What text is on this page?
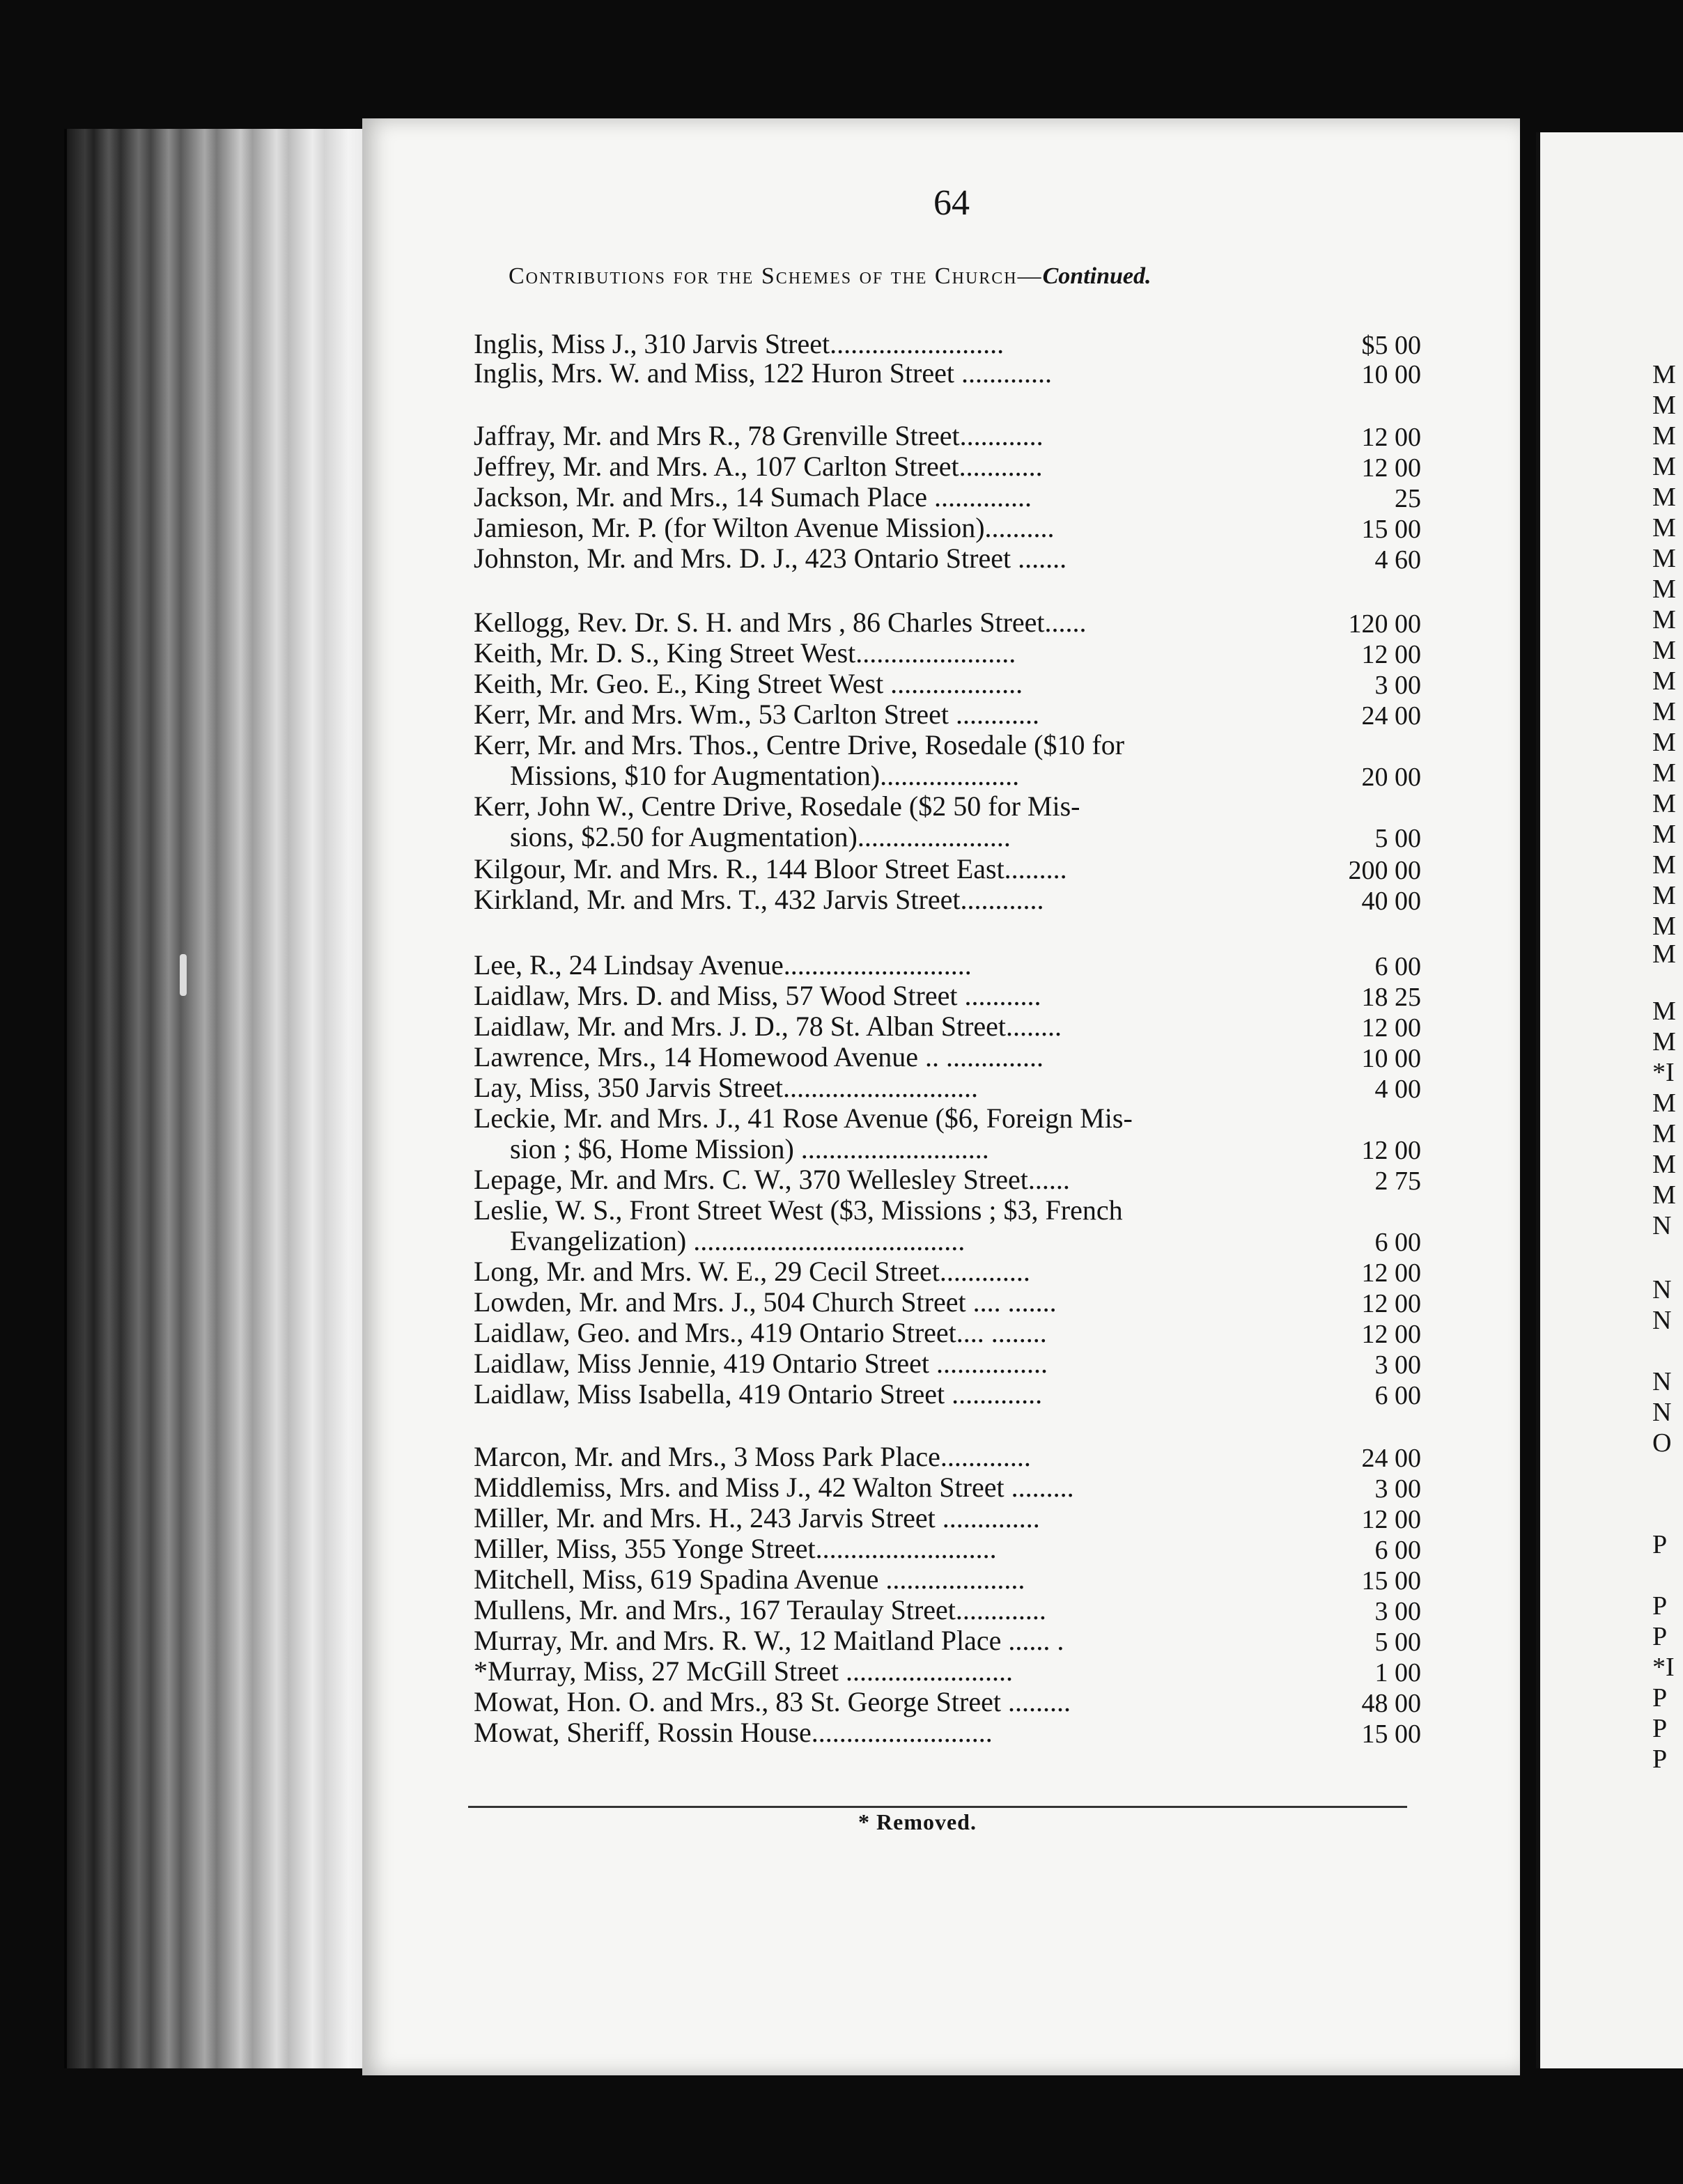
M
M
M
M
M
M
M
M
M
M
M
M
M
M
M
M
M
M
M
M
M
M
*I
M
M
M
M
N
N
N
N
N
O
P
P
P
*I
P
P
P
64
Contributions for the Schemes of the Church—Continued.
Inglis, Miss J., 310 Jarvis Street.........................	$5 00
Inglis, Mrs. W. and Miss, 122 Huron Street .............	10 00
Jaffray, Mr. and Mrs R., 78 Grenville Street............	12 00
Jeffrey, Mr. and Mrs. A., 107 Carlton Street............	12 00
Jackson, Mr. and Mrs., 14 Sumach Place ..............	25
Jamieson, Mr. P. (for Wilton Avenue Mission)..........	15 00
Johnston, Mr. and Mrs. D. J., 423 Ontario Street .......	4 60
Kellogg, Rev. Dr. S. H. and Mrs , 86 Charles Street......	120 00
Keith, Mr. D. S., King Street West.......................	12 00
Keith, Mr. Geo. E., King Street West ...................	3 00
Kerr, Mr. and Mrs. Wm., 53 Carlton Street ............	24 00
Kerr, Mr. and Mrs. Thos., Centre Drive, Rosedale ($10 for
Missions, $10 for Augmentation)....................	20 00
Kerr, John W., Centre Drive, Rosedale ($2 50 for Mis-
sions, $2.50 for Augmentation)......................	5 00
Kilgour, Mr. and Mrs. R., 144 Bloor Street East.........	200 00
Kirkland, Mr. and Mrs. T., 432 Jarvis Street............	40 00
Lee, R., 24 Lindsay Avenue...........................	6 00
Laidlaw, Mrs. D. and Miss, 57 Wood Street ...........	18 25
Laidlaw, Mr. and Mrs. J. D., 78 St. Alban Street........	12 00
Lawrence, Mrs., 14 Homewood Avenue .. ..............	10 00
Lay, Miss, 350 Jarvis Street............................	4 00
Leckie, Mr. and Mrs. J., 41 Rose Avenue ($6, Foreign Mis-
sion ; $6, Home Mission) ...........................	12 00
Lepage, Mr. and Mrs. C. W., 370 Wellesley Street......	2 75
Leslie, W. S., Front Street West ($3, Missions ; $3, French
Evangelization) .......................................	6 00
Long, Mr. and Mrs. W. E., 29 Cecil Street.............	12 00
Lowden, Mr. and Mrs. J., 504 Church Street .... .......	12 00
Laidlaw, Geo. and Mrs., 419 Ontario Street.... ........	12 00
Laidlaw, Miss Jennie, 419 Ontario Street ................	3 00
Laidlaw, Miss Isabella, 419 Ontario Street .............	6 00
Marcon, Mr. and Mrs., 3 Moss Park Place.............	24 00
Middlemiss, Mrs. and Miss J., 42 Walton Street .........	3 00
Miller, Mr. and Mrs. H., 243 Jarvis Street ..............	12 00
Miller, Miss, 355 Yonge Street..........................	6 00
Mitchell, Miss, 619 Spadina Avenue ....................	15 00
Mullens, Mr. and Mrs., 167 Teraulay Street.............	3 00
Murray, Mr. and Mrs. R. W., 12 Maitland Place ...... .	5 00
*Murray, Miss, 27 McGill Street ........................	1 00
Mowat, Hon. O. and Mrs., 83 St. George Street .........	48 00
Mowat, Sheriff, Rossin House..........................	15 00
* Removed.
